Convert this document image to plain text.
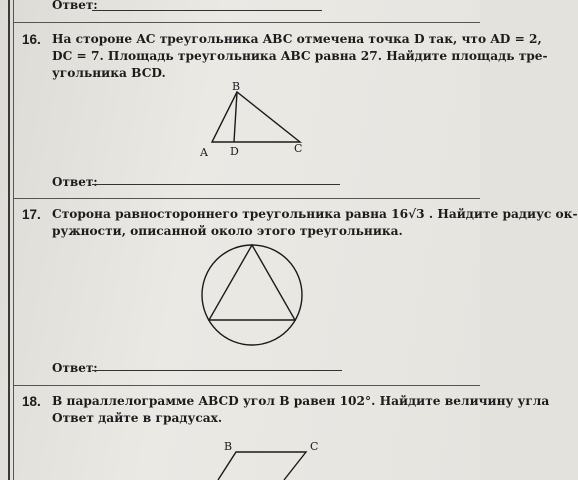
Ответ:
16. На стороне AC треугольника ABC отмечена точка D так, что AD = 2,
DC = 7. Площадь треугольника ABC равна 27. Найдите площадь тре-
угольника BCD.
B
A D	C
Ответ:
17. Сторона равностороннего треугольника равна 16√3 . Найдите радиус ок-
ружности, описанной около этого треугольника.
Ответ:
18. В параллелограмме ABCD угол B равен 102°. Найдите величину угла
Ответ дайте в градусах.
B	C
